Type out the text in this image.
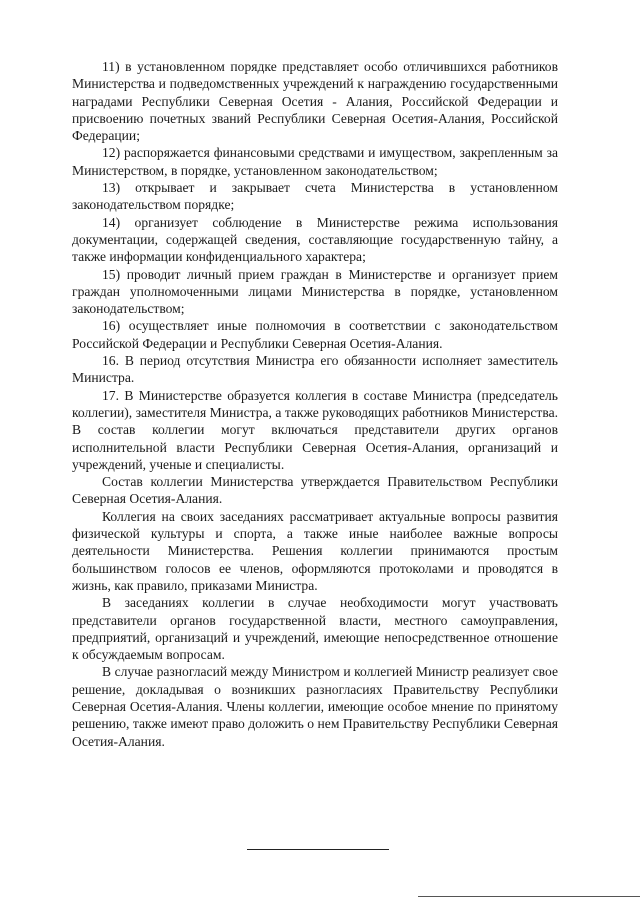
11) в установленном порядке представляет особо отличившихся работников Министерства и подведомственных учреждений к награждению государственными наградами Республики Северная Осетия - Алания, Российской Федерации и присвоению почетных званий Республики Северная Осетия-Алания, Российской Федерации;

12) распоряжается финансовыми средствами и имуществом, закрепленным за Министерством, в порядке, установленном законодательством;

13) открывает и закрывает счета Министерства в установленном законодательством порядке;

14) организует соблюдение в Министерстве режима использования документации, содержащей сведения, составляющие государственную тайну, а также информации конфиденциального характера;

15) проводит личный прием граждан в Министерстве и организует прием граждан уполномоченными лицами Министерства в порядке, установленном законодательством;

16) осуществляет иные полномочия в соответствии с законодательством Российской Федерации и Республики Северная Осетия-Алания.

16. В период отсутствия Министра его обязанности исполняет заместитель Министра.

17. В Министерстве образуется коллегия в составе Министра (председатель коллегии), заместителя Министра, а также руководящих работников Министерства. В состав коллегии могут включаться представители других органов исполнительной власти Республики Северная Осетия-Алания, организаций и учреждений, ученые и специалисты.

Состав коллегии Министерства утверждается Правительством Республики Северная Осетия-Алания.

Коллегия на своих заседаниях рассматривает актуальные вопросы развития физической культуры и спорта, а также иные наиболее важные вопросы деятельности Министерства. Решения коллегии принимаются простым большинством голосов ее членов, оформляются протоколами и проводятся в жизнь, как правило, приказами Министра.

В заседаниях коллегии в случае необходимости могут участвовать представители органов государственной власти, местного самоуправления, предприятий, организаций и учреждений, имеющие непосредственное отношение к обсуждаемым вопросам.

В случае разногласий между Министром и коллегией Министр реализует свое решение, докладывая о возникших разногласиях Правительству Республики Северная Осетия-Алания. Члены коллегии, имеющие особое мнение по принятому решению, также имеют право доложить о нем Правительству Республики Северная Осетия-Алания.
